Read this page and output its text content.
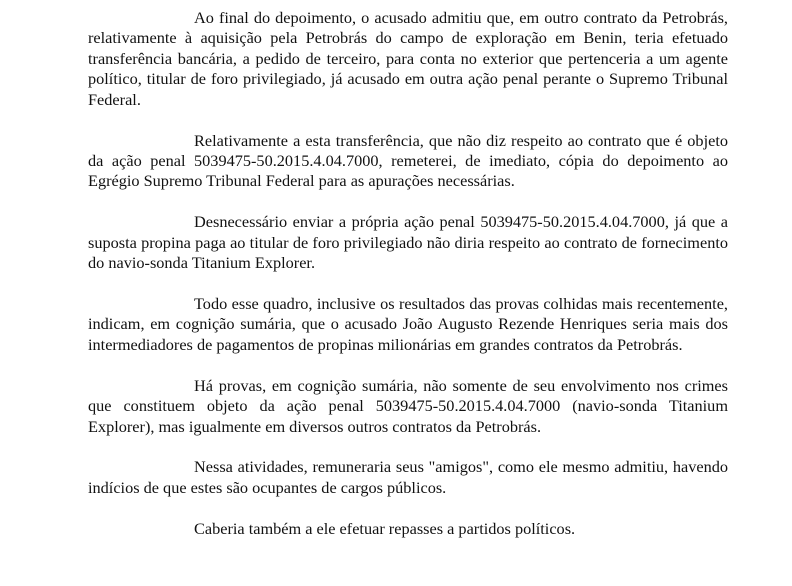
Ao final do depoimento, o acusado admitiu que, em outro contrato da Petrobrás, relativamente à aquisição pela Petrobrás do campo de exploração em Benin, teria efetuado transferência bancária, a pedido de terceiro, para conta no exterior que pertenceria a um agente político, titular de foro privilegiado, já acusado em outra ação penal perante o Supremo Tribunal Federal.

Relativamente a esta transferência, que não diz respeito ao contrato que é objeto da ação penal 5039475-50.2015.4.04.7000, remeterei, de imediato, cópia do depoimento ao Egrégio Supremo Tribunal Federal para as apurações necessárias.

Desnecessário enviar a própria ação penal 5039475-50.2015.4.04.7000, já que a suposta propina paga ao titular de foro privilegiado não diria respeito ao contrato de fornecimento do navio-sonda Titanium Explorer.

Todo esse quadro, inclusive os resultados das provas colhidas mais recentemente, indicam, em cognição sumária, que o acusado João Augusto Rezende Henriques seria mais dos intermediadores de pagamentos de propinas milionárias em grandes contratos da Petrobrás.

Há provas, em cognição sumária, não somente de seu envolvimento nos crimes que constituem objeto da ação penal 5039475-50.2015.4.04.7000 (navio-sonda Titanium Explorer), mas igualmente em diversos outros contratos da Petrobrás.

Nessa atividades, remuneraria seus "amigos", como ele mesmo admitiu, havendo indícios de que estes são ocupantes de cargos públicos.

Caberia também a ele efetuar repasses a partidos políticos.
